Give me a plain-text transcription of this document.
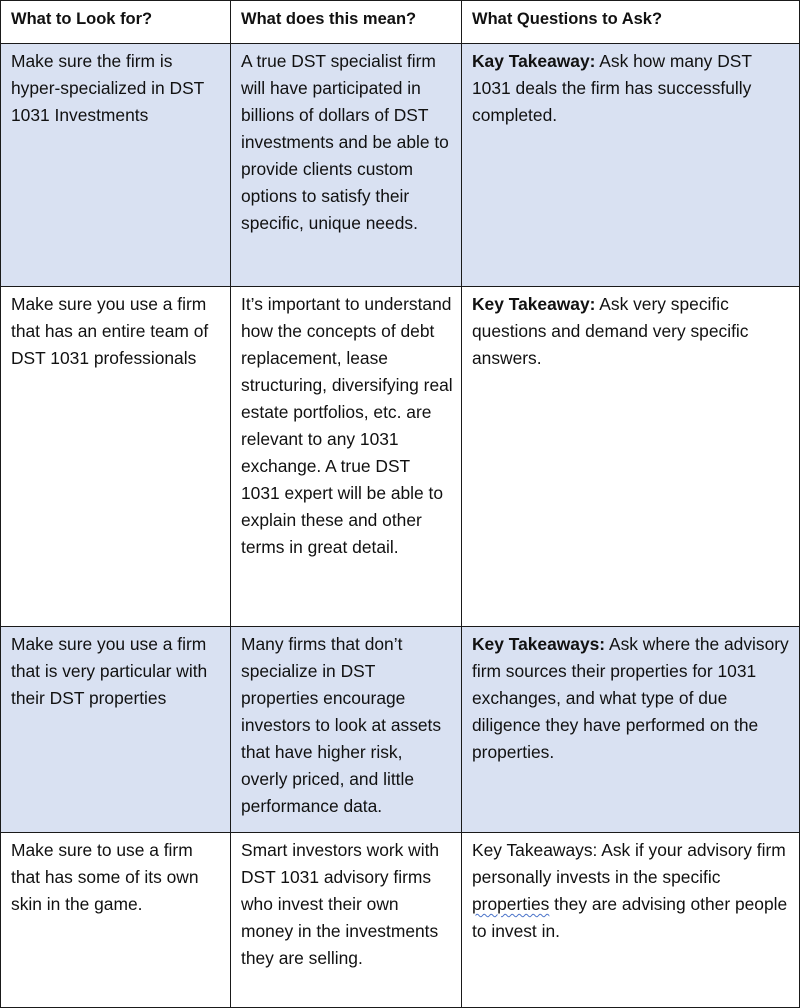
What to Look for?	What does this mean?	What Questions to Ask?
Make sure the firm is hyper-specialized in DST 1031 Investments	A true DST specialist firm will have participated in billions of dollars of DST investments and be able to provide clients custom options to satisfy their specific, unique needs.	Kay Takeaway: Ask how many DST 1031 deals the firm has successfully completed.
Make sure you use a firm that has an entire team of DST 1031 professionals	It’s important to understand how the concepts of debt replacement, lease structuring, diversifying real estate portfolios, etc. are relevant to any 1031 exchange. A true DST 1031 expert will be able to explain these and other terms in great detail.	Key Takeaway: Ask very specific questions and demand very specific answers.
Make sure you use a firm that is very particular with their DST properties	Many firms that don’t specialize in DST properties encourage investors to look at assets that have higher risk, overly priced, and little performance data.	Key Takeaways: Ask where the advisory firm sources their properties for 1031 exchanges, and what type of due diligence they have performed on the properties.
Make sure to use a firm that has some of its own skin in the game.	Smart investors work with DST 1031 advisory firms who invest their own money in the investments they are selling.	Key Takeaways: Ask if your advisory firm personally invests in the specific properties they are advising other people to invest in.
